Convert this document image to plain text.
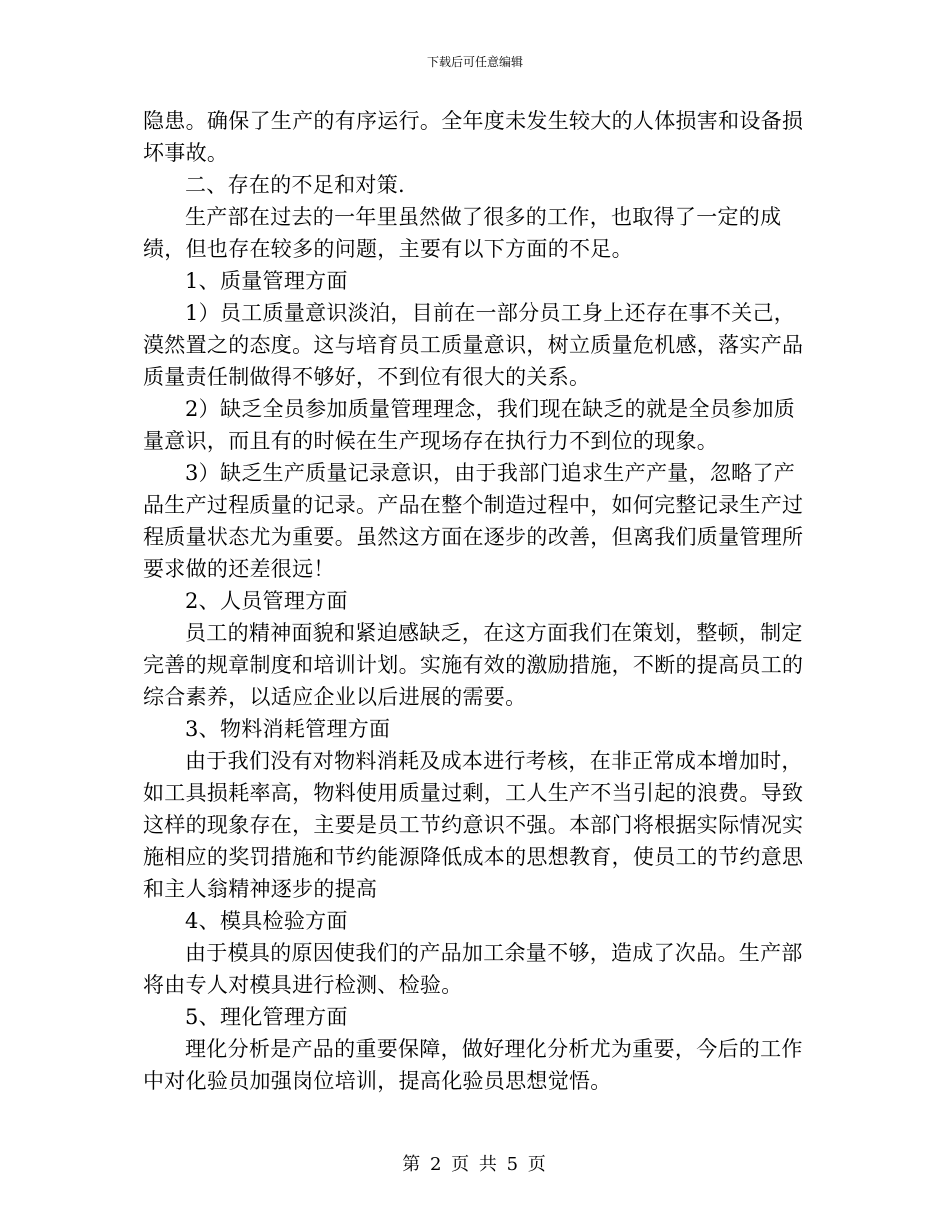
下载后可任意编辑

隐患。确保了生产的有序运行。全年度未发生较大的人体损害和设备损坏事故。

二、存在的不足和对策.

生产部在过去的一年里虽然做了很多的工作，也取得了一定的成绩，但也存在较多的问题，主要有以下方面的不足。

1、质量管理方面

1）员工质量意识淡泊，目前在一部分员工身上还存在事不关己，漠然置之的态度。这与培育员工质量意识，树立质量危机感，落实产品质量责任制做得不够好，不到位有很大的关系。

2）缺乏全员参加质量管理理念，我们现在缺乏的就是全员参加质量意识，而且有的时候在生产现场存在执行力不到位的现象。

3）缺乏生产质量记录意识，由于我部门追求生产产量，忽略了产品生产过程质量的记录。产品在整个制造过程中，如何完整记录生产过程质量状态尤为重要。虽然这方面在逐步的改善，但离我们质量管理所要求做的还差很远！

2、人员管理方面

员工的精神面貌和紧迫感缺乏，在这方面我们在策划，整顿，制定完善的规章制度和培训计划。实施有效的激励措施，不断的提高员工的综合素养，以适应企业以后进展的需要。

3、物料消耗管理方面

由于我们没有对物料消耗及成本进行考核，在非正常成本增加时，如工具损耗率高，物料使用质量过剩，工人生产不当引起的浪费。导致这样的现象存在，主要是员工节约意识不强。本部门将根据实际情况实施相应的奖罚措施和节约能源降低成本的思想教育，使员工的节约意思和主人翁精神逐步的提高

4、模具检验方面

由于模具的原因使我们的产品加工余量不够，造成了次品。生产部将由专人对模具进行检测、检验。

5、理化管理方面

理化分析是产品的重要保障，做好理化分析尤为重要，今后的工作中对化验员加强岗位培训，提高化验员思想觉悟。

第 2 页 共 5 页
